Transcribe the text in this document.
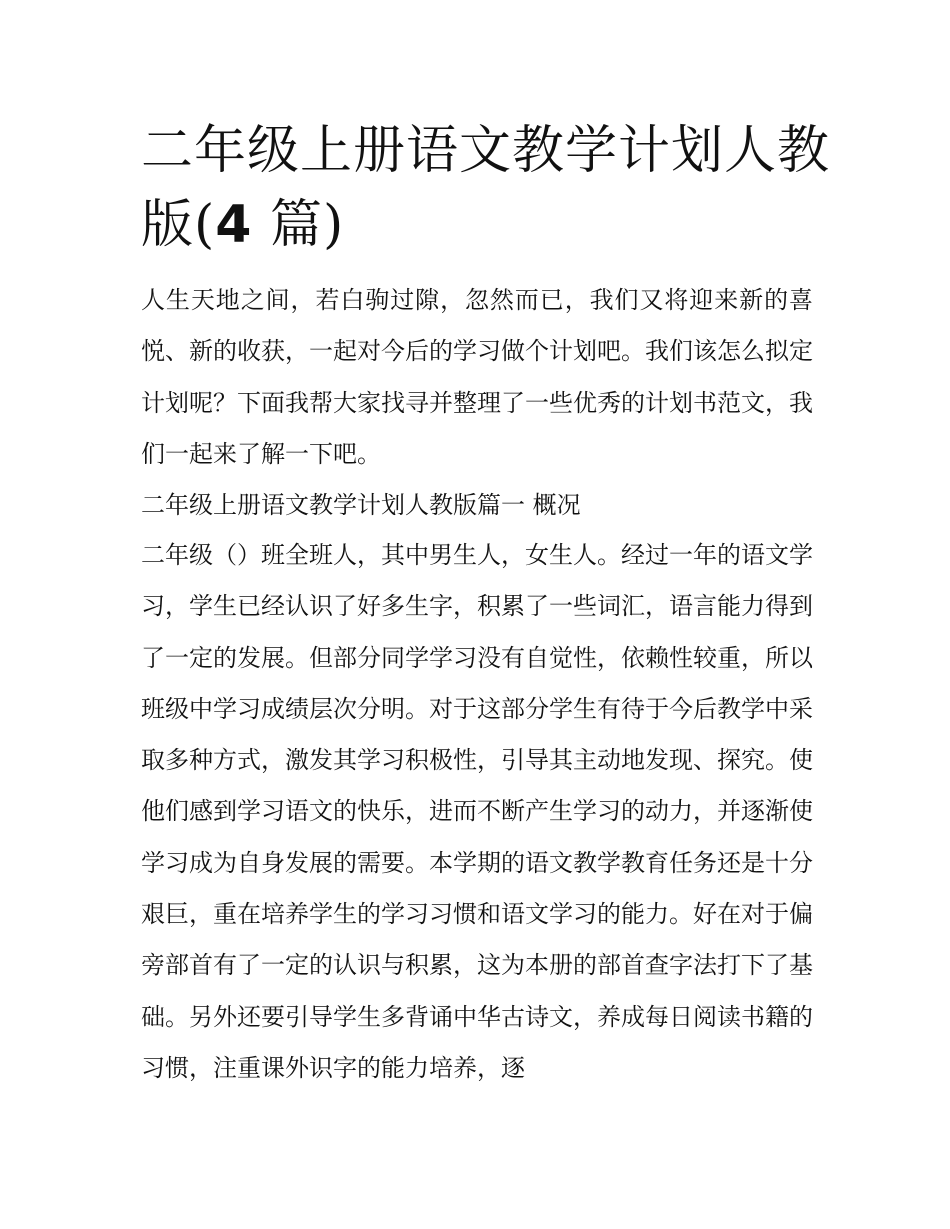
二年级上册语文教学计划人教版(4 篇)

人生天地之间，若白驹过隙，忽然而已，我们又将迎来新的喜悦、新的收获，一起对今后的学习做个计划吧。我们该怎么拟定计划呢？下面我帮大家找寻并整理了一些优秀的计划书范文，我们一起来了解一下吧。

二年级上册语文教学计划人教版篇一 概况

二年级（）班全班人，其中男生人，女生人。经过一年的语文学习，学生已经认识了好多生字，积累了一些词汇，语言能力得到了一定的发展。但部分同学学习没有自觉性，依赖性较重，所以班级中学习成绩层次分明。对于这部分学生有待于今后教学中采取多种方式，激发其学习积极性，引导其主动地发现、探究。使他们感到学习语文的快乐，进而不断产生学习的动力，并逐渐使学习成为自身发展的需要。本学期的语文教学教育任务还是十分艰巨，重在培养学生的学习习惯和语文学习的能力。好在对于偏旁部首有了一定的认识与积累，这为本册的部首查字法打下了基础。另外还要引导学生多背诵中华古诗文，养成每日阅读书籍的习惯，注重课外识字的能力培养，逐
